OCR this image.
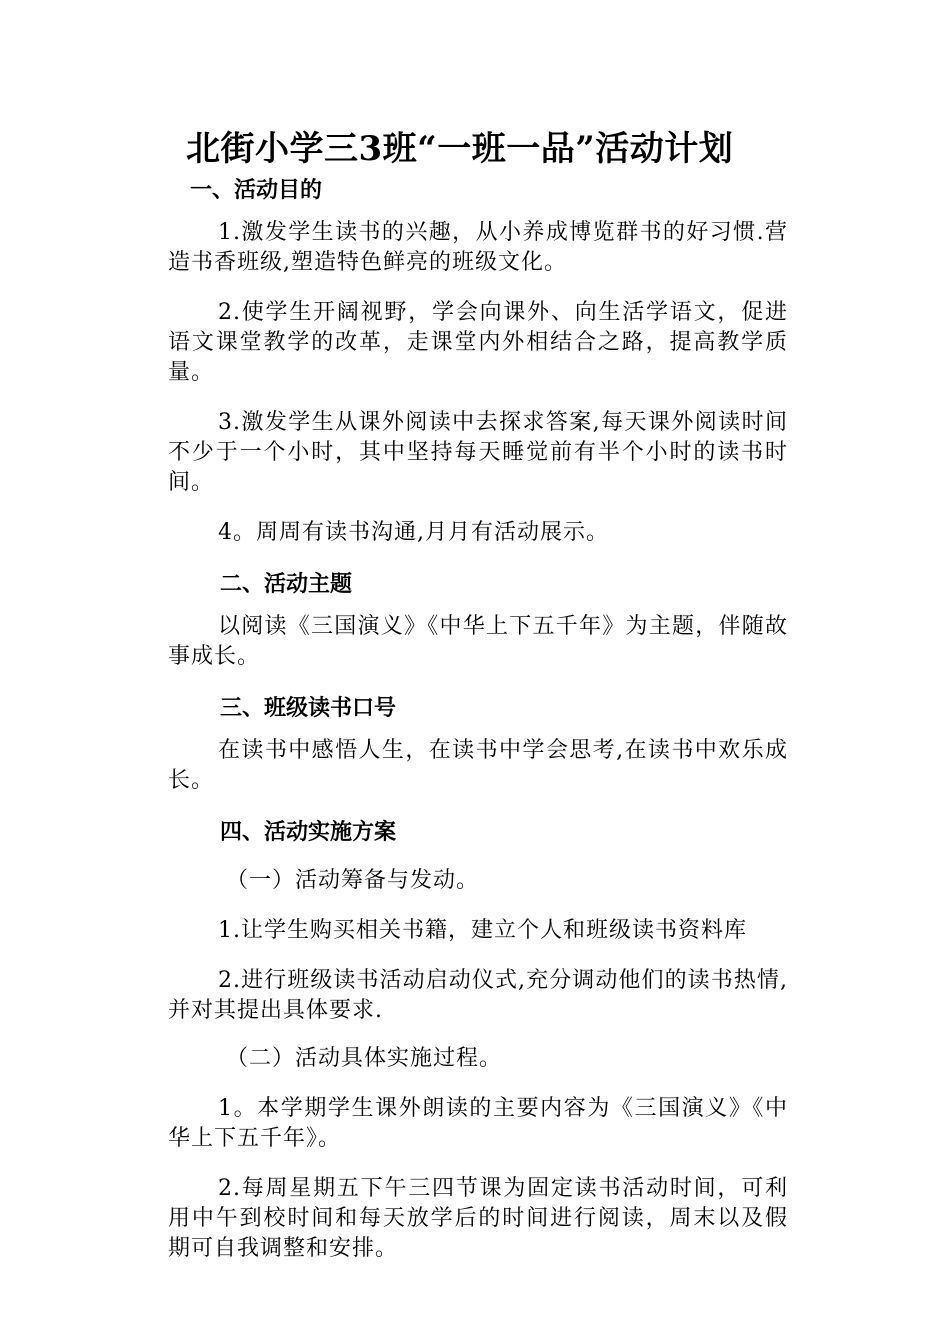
北街小学三3班“一班一品”活动计划
一、活动目的

1.激发学生读书的兴趣，从小养成博览群书的好习惯.营造书香班级,塑造特色鲜亮的班级文化。

2.使学生开阔视野，学会向课外、向生活学语文，促进语文课堂教学的改革，走课堂内外相结合之路，提高教学质量。

3.激发学生从课外阅读中去探求答案,每天课外阅读时间不少于一个小时，其中坚持每天睡觉前有半个小时的读书时间。

4。周周有读书沟通,月月有活动展示。

二、活动主题

以阅读《三国演义》《中华上下五千年》为主题，伴随故事成长。

三、班级读书口号

在读书中感悟人生，在读书中学会思考,在读书中欢乐成长。

四、活动实施方案
（一）活动筹备与发动。

1.让学生购买相关书籍，建立个人和班级读书资料库

2.进行班级读书活动启动仪式,充分调动他们的读书热情,并对其提出具体要求.

（二）活动具体实施过程。

1。本学期学生课外朗读的主要内容为《三国演义》《中华上下五千年》。

2.每周星期五下午三四节课为固定读书活动时间，可利用中午到校时间和每天放学后的时间进行阅读，周末以及假期可自我调整和安排。
